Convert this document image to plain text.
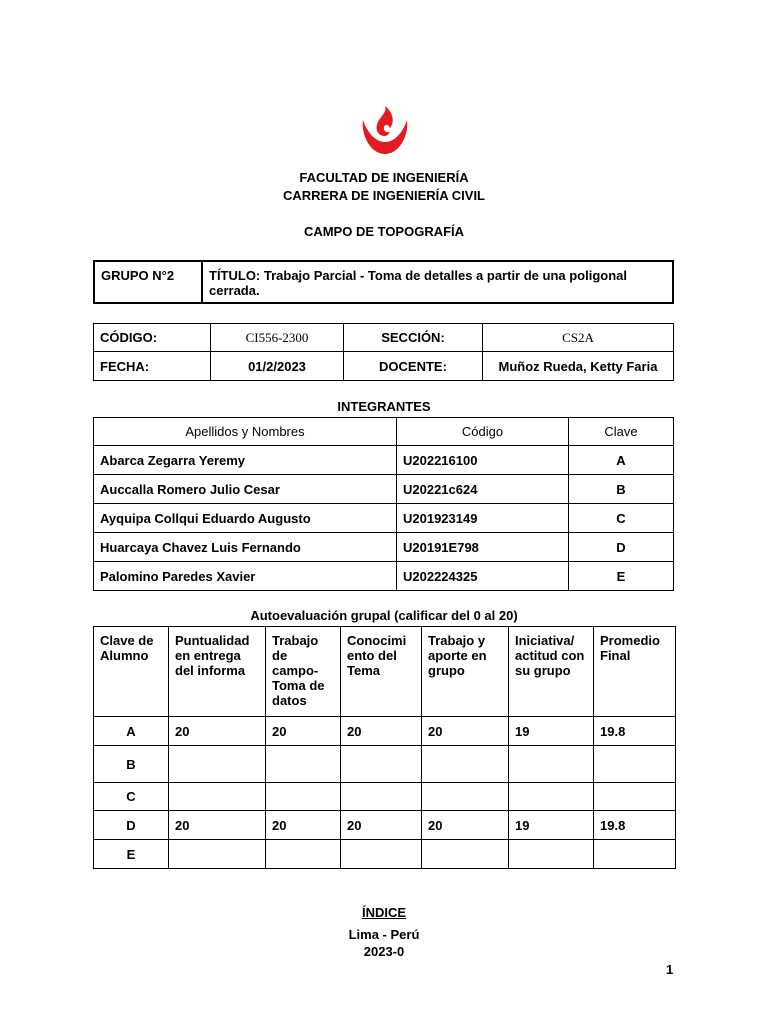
FACULTAD DE INGENIERÍA
CARRERA DE INGENIERÍA CIVIL
CAMPO DE TOPOGRAFÍA
GRUPO N°2	TÍTULO: Trabajo Parcial - Toma de detalles a partir de una poligonal cerrada.
CÓDIGO:	CI556-2300	SECCIÓN:	CS2A
FECHA:	01/2/2023	DOCENTE:	Muñoz Rueda, Ketty Faria
INTEGRANTES
Apellidos y Nombres	Código	Clave
Abarca Zegarra Yeremy	U202216100	A
Auccalla Romero Julio Cesar	U20221c624	B
Ayquipa Collqui Eduardo Augusto	U201923149	C
Huarcaya Chavez Luis Fernando	U20191E798	D
Palomino Paredes Xavier	U202224325	E
Autoevaluación grupal (calificar del 0 al 20)
Clave de Alumno	Puntualidad en entrega del informa	Trabajo de campo- Toma de datos	Conocimi ento del Tema	Trabajo y aporte en grupo	Iniciativa/ actitud con su grupo	Promedio Final
A	20	20	20	20	19	19.8
B						
C						
D	20	20	20	20	19	19.8
E						
ÍNDICE
Lima - Perú
2023-0
1
